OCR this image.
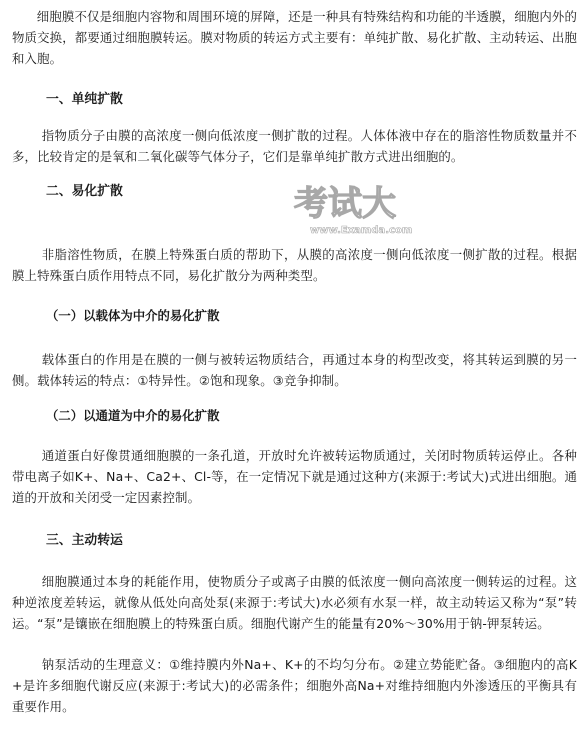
细胞膜不仅是细胞内容物和周围环境的屏障，还是一种具有特殊结构和功能的半透膜，细胞内外的物质交换，都要通过细胞膜转运。膜对物质的转运方式主要有：单纯扩散、易化扩散、主动转运、出胞和入胞。

一、单纯扩散

指物质分子由膜的高浓度一侧向低浓度一侧扩散的过程。人体体液中存在的脂溶性物质数量并不多，比较肯定的是氧和二氧化碳等气体分子，它们是靠单纯扩散方式进出细胞的。

二、易化扩散

非脂溶性物质，在膜上特殊蛋白质的帮助下，从膜的高浓度一侧向低浓度一侧扩散的过程。根据膜上特殊蛋白质作用特点不同，易化扩散分为两种类型。

（一）以载体为中介的易化扩散

载体蛋白的作用是在膜的一侧与被转运物质结合，再通过本身的构型改变，将其转运到膜的另一侧。载体转运的特点：①特异性。②饱和现象。③竞争抑制。

（二）以通道为中介的易化扩散

通道蛋白好像贯通细胞膜的一条孔道，开放时允许被转运物质通过，关闭时物质转运停止。各种带电离子如K+、Na+、Ca2+、Cl-等，在一定情况下就是通过这种方(来源于:考试大)式进出细胞。通道的开放和关闭受一定因素控制。

三、主动转运

细胞膜通过本身的耗能作用，使物质分子或离子由膜的低浓度一侧向高浓度一侧转运的过程。这种逆浓度差转运，就像从低处向高处泵(来源于:考试大)水必须有水泵一样，故主动转运又称为“泵”转运。“泵”是镶嵌在细胞膜上的特殊蛋白质。细胞代谢产生的能量有20%～30%用于钠-钾泵转运。

钠泵活动的生理意义：①维持膜内外Na+、K+的不均匀分布。②建立势能贮备。③细胞内的高K+是许多细胞代谢反应(来源于:考试大)的必需条件；细胞外高Na+对维持细胞内外渗透压的平衡具有重要作用。

考试大
www.Examda.com
